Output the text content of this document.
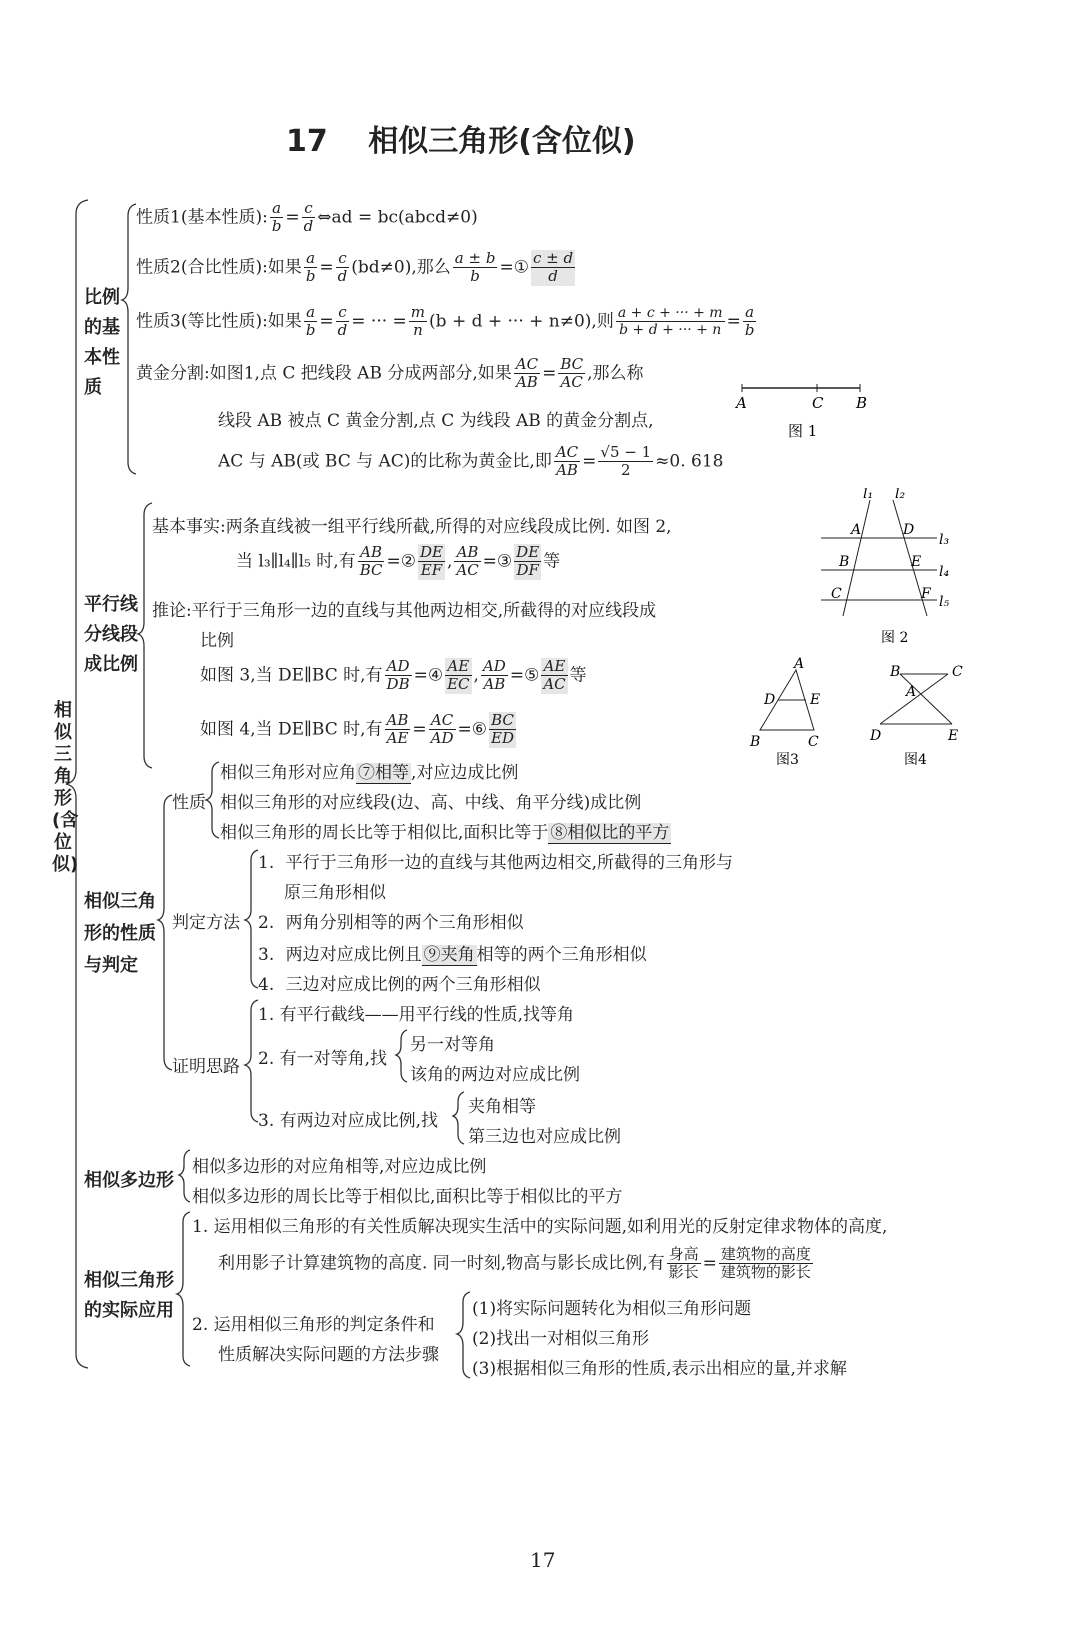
17 相似三角形(含位似)
相似三角形(含位似)
比例
的基
本性
质
性质1(基本性质): $\frac{a}{b} = \frac{c}{d}$ ⇔ad = bc(abcd≠0)
性质2(合比性质):如果 $\frac{a}{b} = \frac{c}{d} (bd\ne 0)$,那么 $\frac{a \pm b}{b}$ =① $\frac{c \pm d}{d}$
性质3(等比性质):如果 $\frac{a}{b} = \frac{c}{d}$ = ··· = $\frac{m}{n} (b + d$ + ··· + n≠0),则 $\frac{a + c + \cdot\cdot\cdot + m}{b + d + \cdot\cdot\cdot + n} = \frac{a}{b}$
黄金分割:如图1,点 C 把线段 AB 分成两部分,如果 $\frac{AC}{AB} = \frac{BC}{AC}$ ,那么称
线段 AB 被点 C 黄金分割,点 C 为线段 AB 的黄金分割点,
AC 与 AB(或 BC 与 AC)的比称为黄金比,即 $\frac{AC}{AB} = \frac{√5 - 1}{2} \approx 0$. 618
A	C B
图 1
平行线
分线段
成比例
基本事实:两条直线被一组平行线所截,所得的对应线段成比例. 如图 2,
当 l₃∥l₄∥l₅ 时,有 $\frac{AB}{BC}$ =② $\frac{DE}{EF}$ , $\frac{AB}{AC}$ =③ $\frac{DE}{DF}$ 等
推论:平行于三角形一边的直线与其他两边相交,所截得的对应线段成
比例
如图 3,当 DE∥BC 时,有 $\frac{AD}{DB}$ =④ $\frac{AE}{EC}$ , $\frac{AD}{AB}$ =⑤ $\frac{AE}{AC}$ 等
如图 4,当 DE∥BC 时,有 $\frac{AB}{AE} = \frac{AC}{AD}$ =⑥ $\frac{BC}{ED}$
l₁ l₂
l₃
l₄
l₅
A
B
C
D
E
F
图 2
A
D E
B	C
图3
B	C
A
D	E
图4
相似三角
形的性质
与判定
性质
相似三角形对应角 ⑦相等 ,对应边成比例
相似三角形的对应线段(边、高、中线、角平分线)成比例
相似三角形的周长比等于相似比,面积比等于 ⑧相似比的平方
判定方法
1. 平行于三角形一边的直线与其他两边相交,所截得的三角形与
原三角形相似
2. 两角分别相等的两个三角形相似
3. 两边对应成比例且 ⑨夹角 相等的两个三角形相似
4. 三边对应成比例的两个三角形相似
证明思路
1. 有平行截线——用平行线的性质,找等角
2. 有一对等角,找
另一对等角
该角的两边对应成比例
3. 有两边对应成比例,找
夹角相等
第三边也对应成比例
相似多边形
相似多边形的对应角相等,对应边成比例
相似多边形的周长比等于相似比,面积比等于相似比的平方
相似三角形
的实际应用
1. 运用相似三角形的有关性质解决现实生活中的实际问题,如利用光的反射定律求物体的高度,
利用影子计算建筑物的高度. 同一时刻,物高与影长成比例,有 $\frac{\text{身高}}{\text{影长}} = \frac{\text{建筑物的高度}}{\text{建筑物的影长}}$
2. 运用相似三角形的判定条件和
性质解决实际问题的方法步骤
(1)将实际问题转化为相似三角形问题
(2)找出一对相似三角形
(3)根据相似三角形的性质,表示出相应的量,并求解
17
